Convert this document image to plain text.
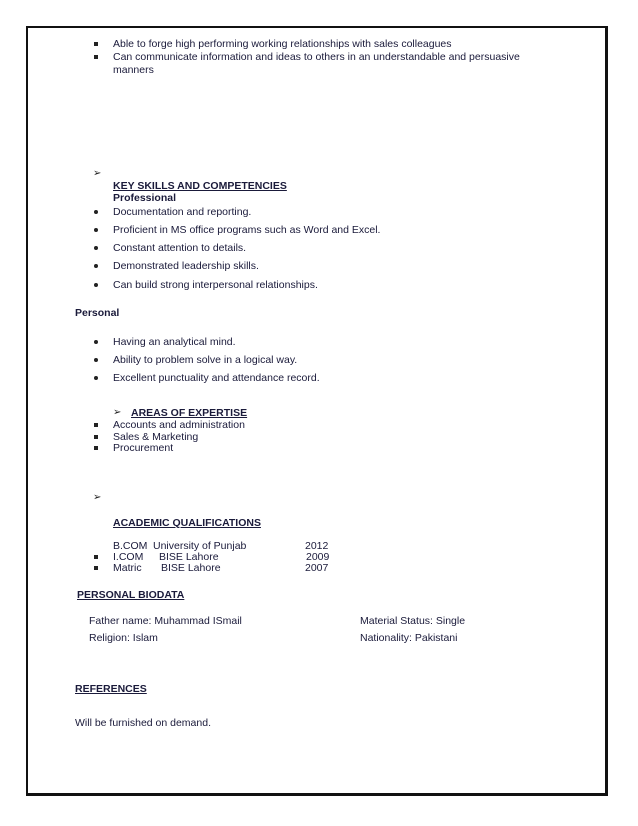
Able to forge high performing working relationships with sales colleagues
Can communicate information and ideas to others in an understandable and persuasive
manners
➢
KEY SKILLS AND COMPETENCIES
Professional
Documentation and reporting.
Proficient in MS office programs such as Word and Excel.
Constant attention to details.
Demonstrated leadership skills.
Can build strong interpersonal relationships.
Personal
Having an analytical mind.
Ability to problem solve in a logical way.
Excellent punctuality and attendance record.
➢ AREAS OF EXPERTISE
Accounts and administration
Sales & Marketing
Procurement
➢
ACADEMIC QUALIFICATIONS
B.COM University of Punjab	2012
I.COM BISE Lahore	2009
Matric BISE Lahore	2007
PERSONAL BIODATA
Father name: Muhammad ISmail	Material Status: Single
Religion: Islam	Nationality: Pakistani
REFERENCES
Will be furnished on demand.
